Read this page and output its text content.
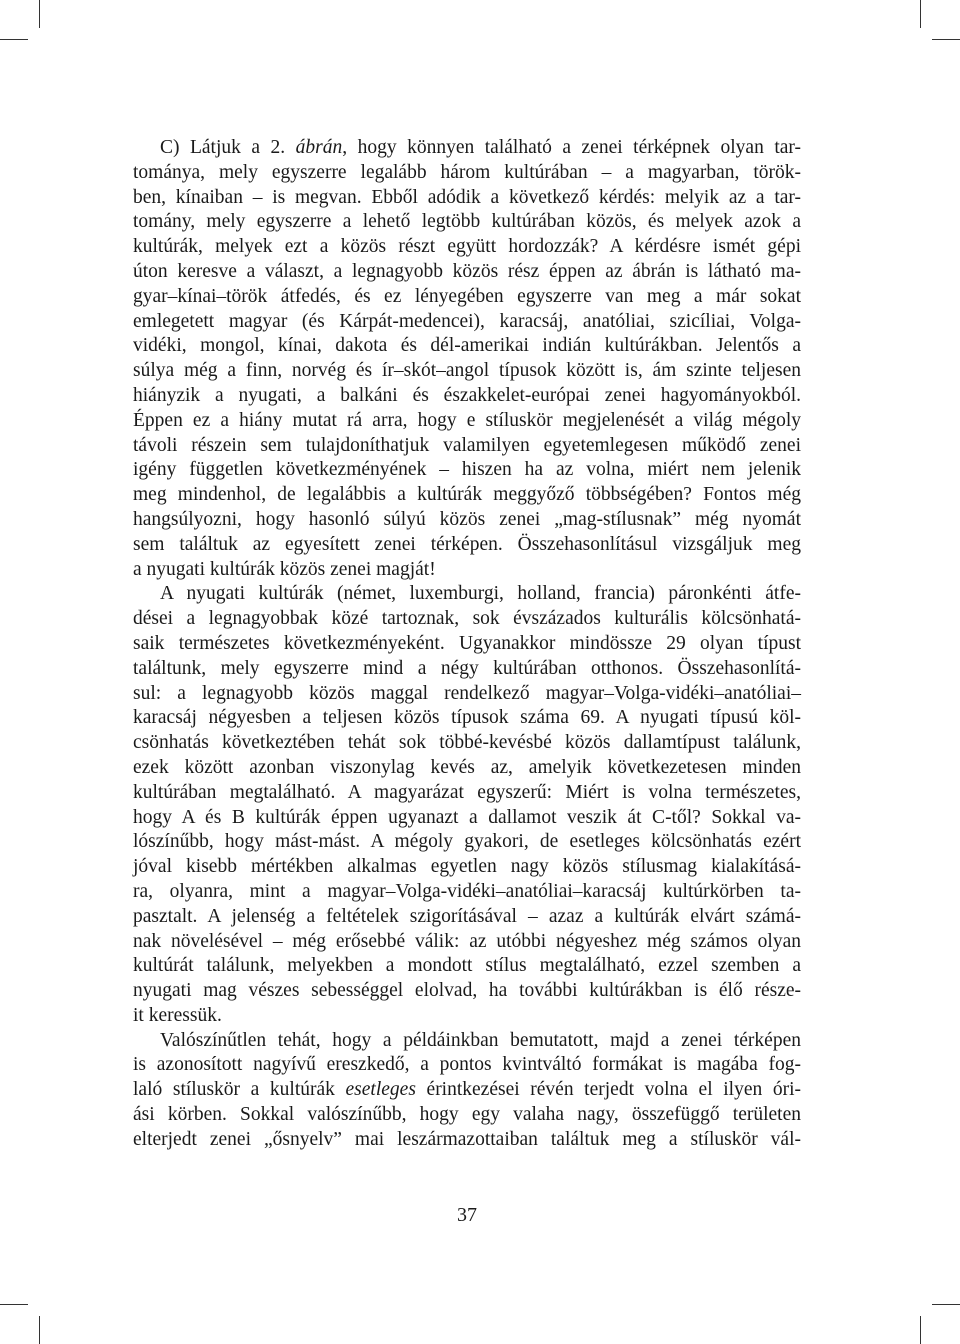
C) Látjuk a 2. ábrán, hogy könnyen található a zenei térképnek olyan tar-
tománya, mely egyszerre legalább három kultúrában – a magyarban, török-
ben, kínaiban – is megvan. Ebből adódik a következő kérdés: melyik az a tar-
tomány, mely egyszerre a lehető legtöbb kultúrában közös, és melyek azok a
kultúrák, melyek ezt a közös részt együtt hordozzák? A kérdésre ismét gépi
úton keresve a választ, a legnagyobb közös rész éppen az ábrán is látható ma-
gyar–kínai–török átfedés, és ez lényegében egyszerre van meg a már sokat
emlegetett magyar (és Kárpát-medencei), karacsáj, anatóliai, szicíliai, Volga-
vidéki, mongol, kínai, dakota és dél-amerikai indián kultúrákban. Jelentős a
súlya még a finn, norvég és ír–skót–angol típusok között is, ám szinte teljesen
hiányzik a nyugati, a balkáni és északkelet-európai zenei hagyományokból.
Éppen ez a hiány mutat rá arra, hogy e stíluskör megjelenését a világ mégoly
távoli részein sem tulajdoníthatjuk valamilyen egyetemlegesen működő zenei
igény független következményének – hiszen ha az volna, miért nem jelenik
meg mindenhol, de legalábbis a kultúrák meggyőző többségében? Fontos még
hangsúlyozni, hogy hasonló súlyú közös zenei „mag-stílusnak” még nyomát
sem találtuk az egyesített zenei térképen. Összehasonlításul vizsgáljuk meg
a nyugati kultúrák közös zenei magját!
A nyugati kultúrák (német, luxemburgi, holland, francia) páronkénti átfe-
dései a legnagyobbak közé tartoznak, sok évszázados kulturális kölcsönhatá-
saik természetes következményeként. Ugyanakkor mindössze 29 olyan típust
találtunk, mely egyszerre mind a négy kultúrában otthonos. Összehasonlítá-
sul: a legnagyobb közös maggal rendelkező magyar–Volga-vidéki–anatóliai–
karacsáj négyesben a teljesen közös típusok száma 69. A nyugati típusú köl-
csönhatás következtében tehát sok többé-kevésbé közös dallamtípust találunk,
ezek között azonban viszonylag kevés az, amelyik következetesen minden
kultúrában megtalálható. A magyarázat egyszerű: Miért is volna természetes,
hogy A és B kultúrák éppen ugyanazt a dallamot veszik át C-től? Sokkal va-
lószínűbb, hogy mást-mást. A mégoly gyakori, de esetleges kölcsönhatás ezért
jóval kisebb mértékben alkalmas egyetlen nagy közös stílusmag kialakításá-
ra, olyanra, mint a magyar–Volga-vidéki–anatóliai–karacsáj kultúrkörben ta-
pasztalt. A jelenség a feltételek szigorításával – azaz a kultúrák elvárt számá-
nak növelésével – még erősebbé válik: az utóbbi négyeshez még számos olyan
kultúrát találunk, melyekben a mondott stílus megtalálható, ezzel szemben a
nyugati mag vészes sebességgel elolvad, ha további kultúrákban is élő része-
it keressük.
Valószínűtlen tehát, hogy a példáinkban bemutatott, majd a zenei térképen
is azonosított nagyívű ereszkedő, a pontos kvintváltó formákat is magába fog-
laló stíluskör a kultúrák esetleges érintkezései révén terjedt volna el ilyen óri-
ási körben. Sokkal valószínűbb, hogy egy valaha nagy, összefüggő területen
elterjedt zenei „ősnyelv” mai leszármazottaiban találtuk meg a stíluskör vál-
37
